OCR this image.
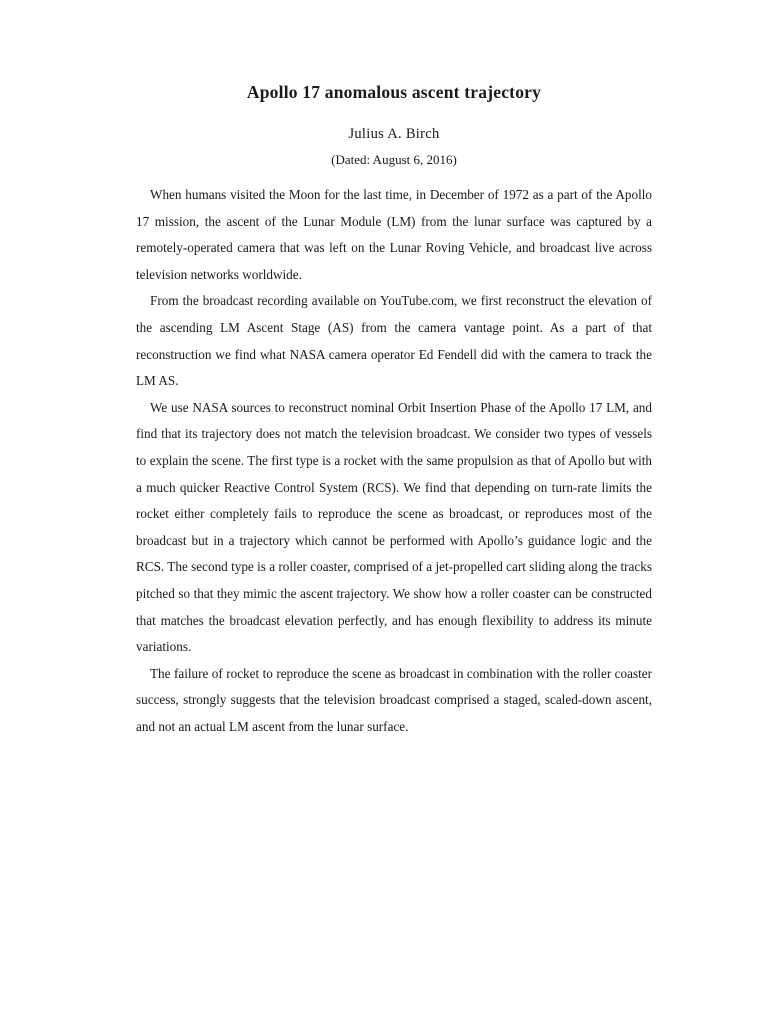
Apollo 17 anomalous ascent trajectory
Julius A. Birch
(Dated: August 6, 2016)

When humans visited the Moon for the last time, in December of 1972 as a part of the Apollo 17 mission, the ascent of the Lunar Module (LM) from the lunar surface was captured by a remotely-operated camera that was left on the Lunar Roving Vehicle, and broadcast live across television networks worldwide.

From the broadcast recording available on YouTube.com, we first reconstruct the elevation of the ascending LM Ascent Stage (AS) from the camera vantage point. As a part of that reconstruction we find what NASA camera operator Ed Fendell did with the camera to track the LM AS.

We use NASA sources to reconstruct nominal Orbit Insertion Phase of the Apollo 17 LM, and find that its trajectory does not match the television broadcast. We consider two types of vessels to explain the scene. The first type is a rocket with the same propulsion as that of Apollo but with a much quicker Reactive Control System (RCS). We find that depending on turn-rate limits the rocket either completely fails to reproduce the scene as broadcast, or reproduces most of the broadcast but in a trajectory which cannot be performed with Apollo’s guidance logic and the RCS. The second type is a roller coaster, comprised of a jet-propelled cart sliding along the tracks pitched so that they mimic the ascent trajectory. We show how a roller coaster can be constructed that matches the broadcast elevation perfectly, and has enough flexibility to address its minute variations.

The failure of rocket to reproduce the scene as broadcast in combination with the roller coaster success, strongly suggests that the television broadcast comprised a staged, scaled-down ascent, and not an actual LM ascent from the lunar surface.
